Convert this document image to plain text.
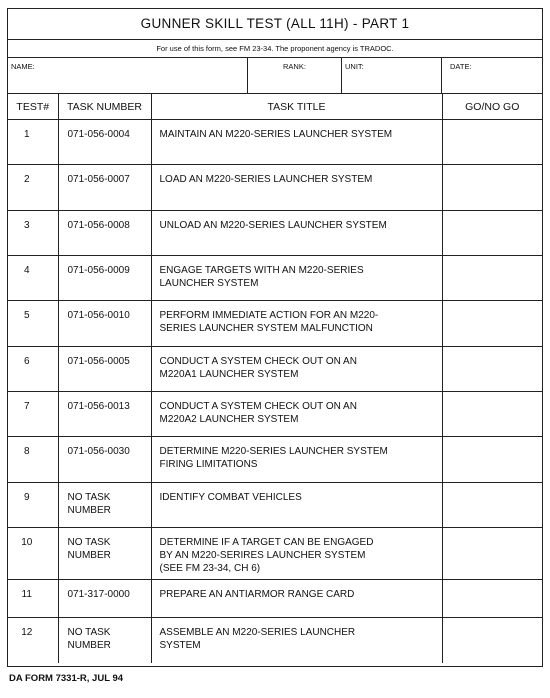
GUNNER SKILL TEST (ALL 11H) - PART 1
For use of this form, see FM 23-34. The proponent agency is TRADOC.
NAME:	RANK:	UNIT:	DATE:
TEST#	TASK NUMBER	TASK TITLE	GO/NO GO
1	071-056-0004	MAINTAIN AN M220-SERIES LAUNCHER SYSTEM	
2	071-056-0007	LOAD AN M220-SERIES LAUNCHER SYSTEM	
3	071-056-0008	UNLOAD AN M220-SERIES LAUNCHER SYSTEM	
4	071-056-0009	ENGAGE TARGETS WITH AN M220-SERIES
LAUNCHER SYSTEM	
5	071-056-0010	PERFORM IMMEDIATE ACTION FOR AN M220-
SERIES LAUNCHER SYSTEM MALFUNCTION	
6	071-056-0005	CONDUCT A SYSTEM CHECK OUT ON AN
M220A1 LAUNCHER SYSTEM	
7	071-056-0013	CONDUCT A SYSTEM CHECK OUT ON AN
M220A2 LAUNCHER SYSTEM	
8	071-056-0030	DETERMINE M220-SERIES LAUNCHER SYSTEM
FIRING LIMITATIONS	
9	NO TASK
NUMBER	IDENTIFY COMBAT VEHICLES	
10	NO TASK
NUMBER	DETERMINE IF A TARGET CAN BE ENGAGED
BY AN M220-SERIRES LAUNCHER SYSTEM
(SEE FM 23-34, CH 6)	
11	071-317-0000	PREPARE AN ANTIARMOR RANGE CARD	
12	NO TASK
NUMBER	ASSEMBLE AN M220-SERIES LAUNCHER
SYSTEM	
DA FORM 7331-R, JUL 94
